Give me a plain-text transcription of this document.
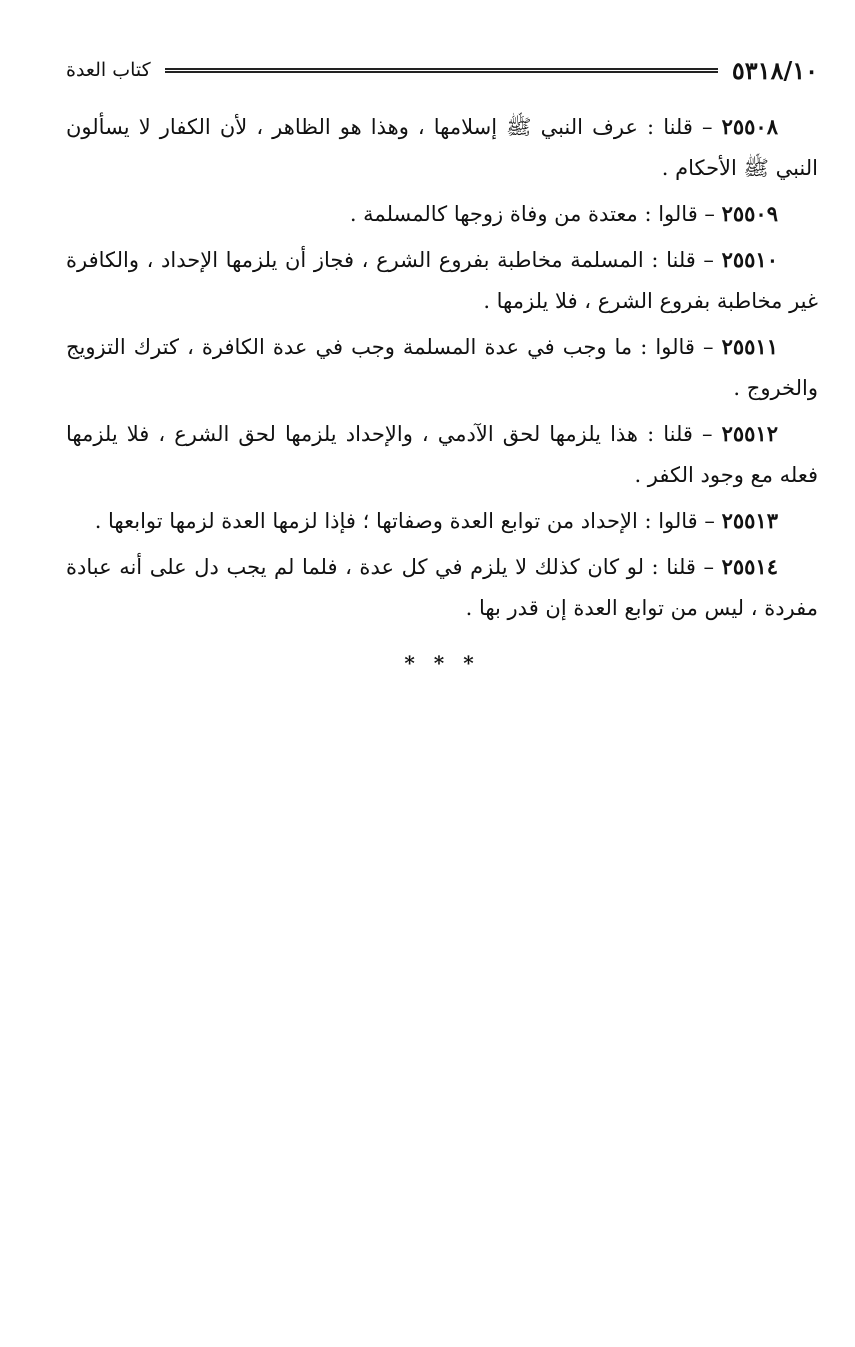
٥٣١٨/١٠
كتاب العدة

٢٥٥٠٨ – قلنا : عرف النبي ﷺ إسلامها ، وهذا هو الظاهر ، لأن الكفار لا يسألون النبي ﷺ الأحكام .

٢٥٥٠٩ – قالوا : معتدة من وفاة زوجها كالمسلمة .

٢٥٥١٠ – قلنا : المسلمة مخاطبة بفروع الشرع ، فجاز أن يلزمها الإحداد ، والكافرة غير مخاطبة بفروع الشرع ، فلا يلزمها .

٢٥٥١١ – قالوا : ما وجب في عدة المسلمة وجب في عدة الكافرة ، كترك التزويج والخروج .

٢٥٥١٢ – قلنا : هذا يلزمها لحق الآدمي ، والإحداد يلزمها لحق الشرع ، فلا يلزمها فعله مع وجود الكفر .

٢٥٥١٣ – قالوا : الإحداد من توابع العدة وصفاتها ؛ فإذا لزمها العدة لزمها توابعها .

٢٥٥١٤ – قلنا : لو كان كذلك لا يلزم في كل عدة ، فلما لم يجب دل على أنه عبادة مفردة ، ليس من توابع العدة إن قدر بها .

* * *
